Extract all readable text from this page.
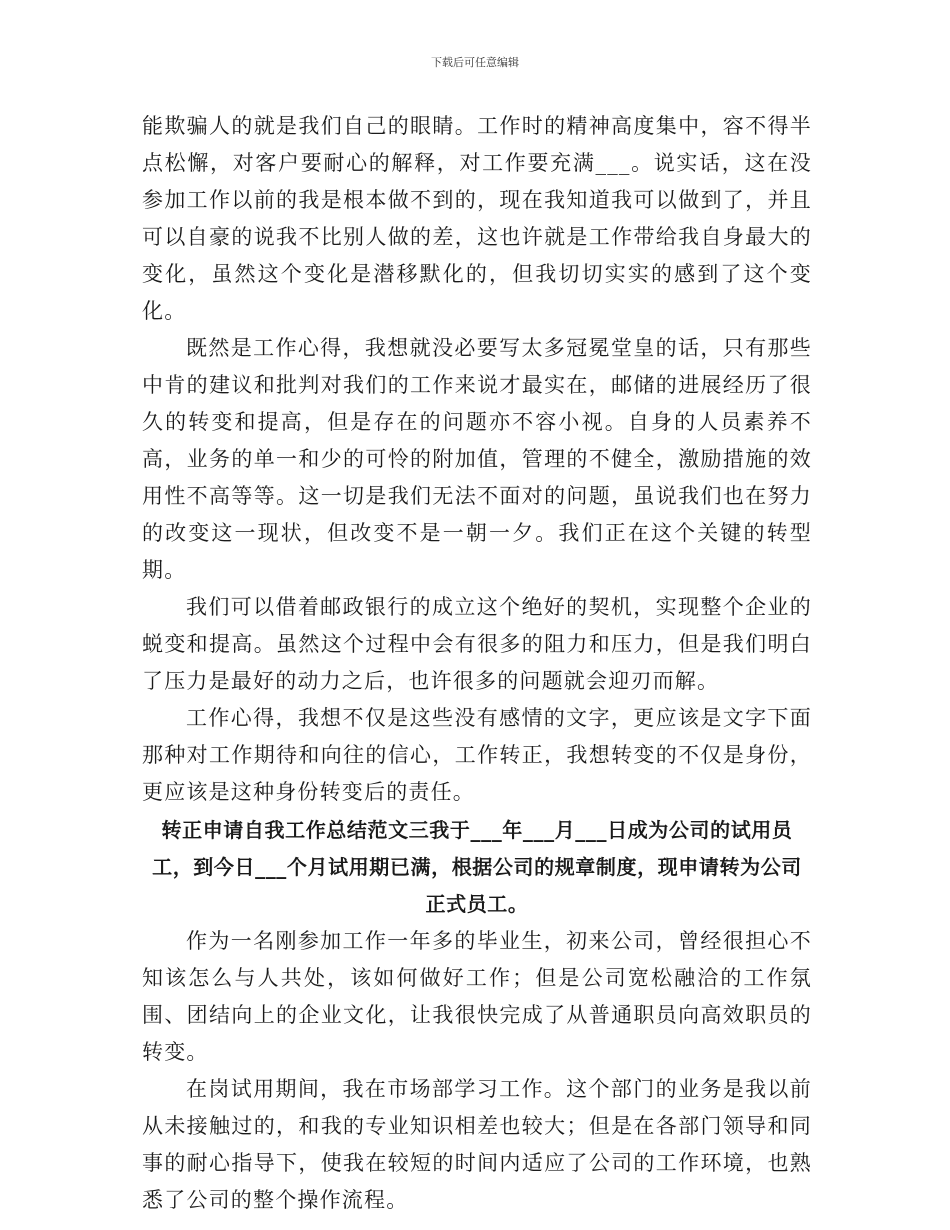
下载后可任意编辑

能欺骗人的就是我们自己的眼睛。工作时的精神高度集中，容不得半点松懈，对客户要耐心的解释，对工作要充满___。说实话，这在没参加工作以前的我是根本做不到的，现在我知道我可以做到了，并且可以自豪的说我不比别人做的差，这也许就是工作带给我自身最大的变化，虽然这个变化是潜移默化的，但我切切实实的感到了这个变化。

既然是工作心得，我想就没必要写太多冠冕堂皇的话，只有那些中肯的建议和批判对我们的工作来说才最实在，邮储的进展经历了很久的转变和提高，但是存在的问题亦不容小视。自身的人员素养不高，业务的单一和少的可怜的附加值，管理的不健全，激励措施的效用性不高等等。这一切是我们无法不面对的问题，虽说我们也在努力的改变这一现状，但改变不是一朝一夕。我们正在这个关键的转型期。

我们可以借着邮政银行的成立这个绝好的契机，实现整个企业的蜕变和提高。虽然这个过程中会有很多的阻力和压力，但是我们明白了压力是最好的动力之后，也许很多的问题就会迎刃而解。

工作心得，我想不仅是这些没有感情的文字，更应该是文字下面那种对工作期待和向往的信心，工作转正，我想转变的不仅是身份，更应该是这种身份转变后的责任。

转正申请自我工作总结范文三我于___年___月___日成为公司的试用员工，到今日___个月试用期已满，根据公司的规章制度，现申请转为公司正式员工。

作为一名刚参加工作一年多的毕业生，初来公司，曾经很担心不知该怎么与人共处，该如何做好工作；但是公司宽松融洽的工作氛围、团结向上的企业文化，让我很快完成了从普通职员向高效职员的转变。

在岗试用期间，我在市场部学习工作。这个部门的业务是我以前从未接触过的，和我的专业知识相差也较大；但是在各部门领导和同事的耐心指导下，使我在较短的时间内适应了公司的工作环境，也熟悉了公司的整个操作流程。
